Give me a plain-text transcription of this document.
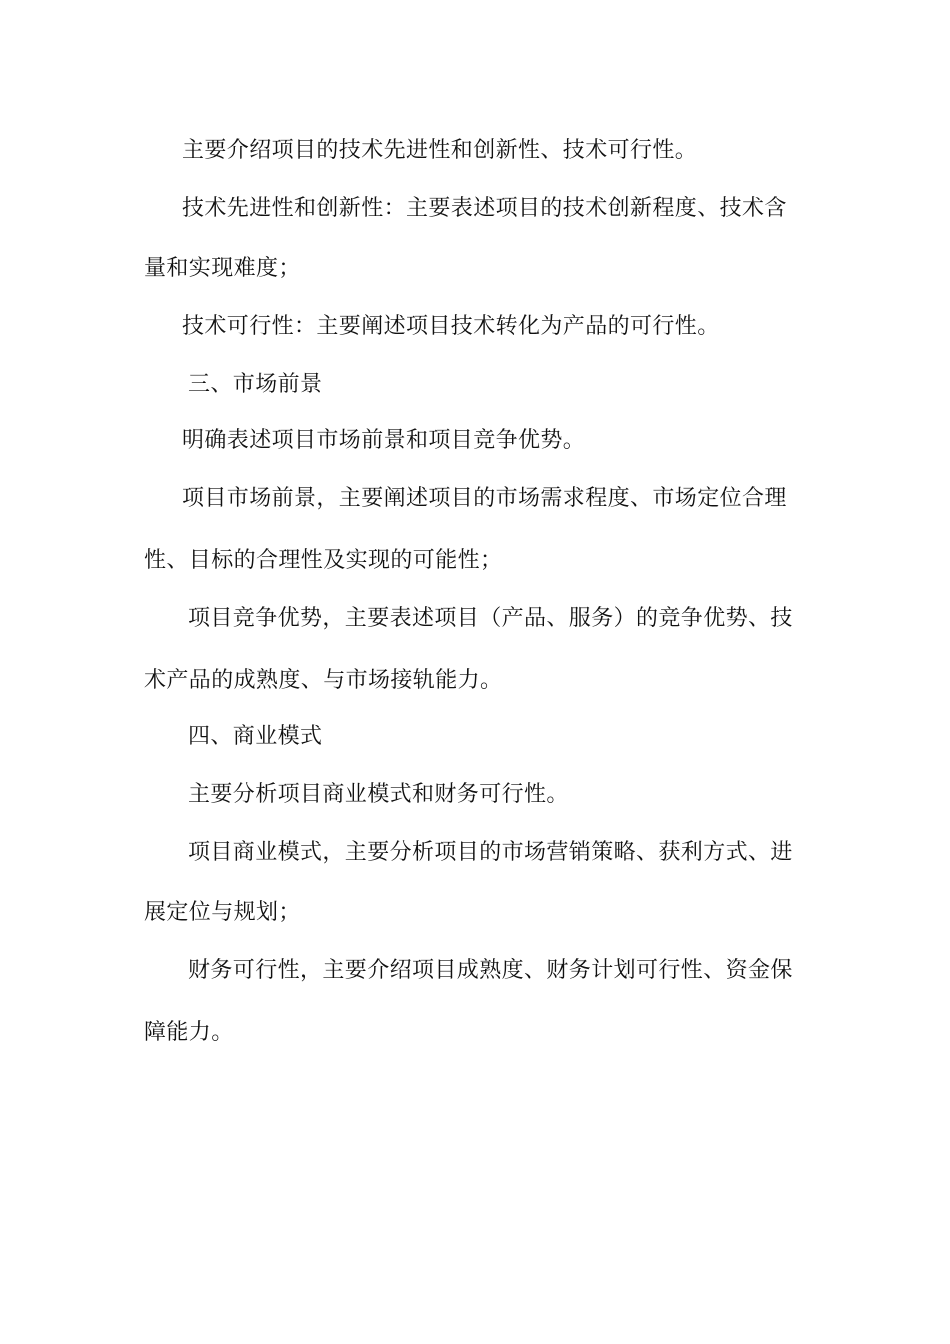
主要介绍项目的技术先进性和创新性、技术可行性。
技术先进性和创新性：主要表述项目的技术创新程度、技术含
量和实现难度；
技术可行性：主要阐述项目技术转化为产品的可行性。
三、市场前景
明确表述项目市场前景和项目竞争优势。
项目市场前景，主要阐述项目的市场需求程度、市场定位合理
性、目标的合理性及实现的可能性；
项目竞争优势，主要表述项目（产品、服务）的竞争优势、技
术产品的成熟度、与市场接轨能力。
四、商业模式
主要分析项目商业模式和财务可行性。
项目商业模式，主要分析项目的市场营销策略、获利方式、进
展定位与规划；
财务可行性，主要介绍项目成熟度、财务计划可行性、资金保
障能力。
